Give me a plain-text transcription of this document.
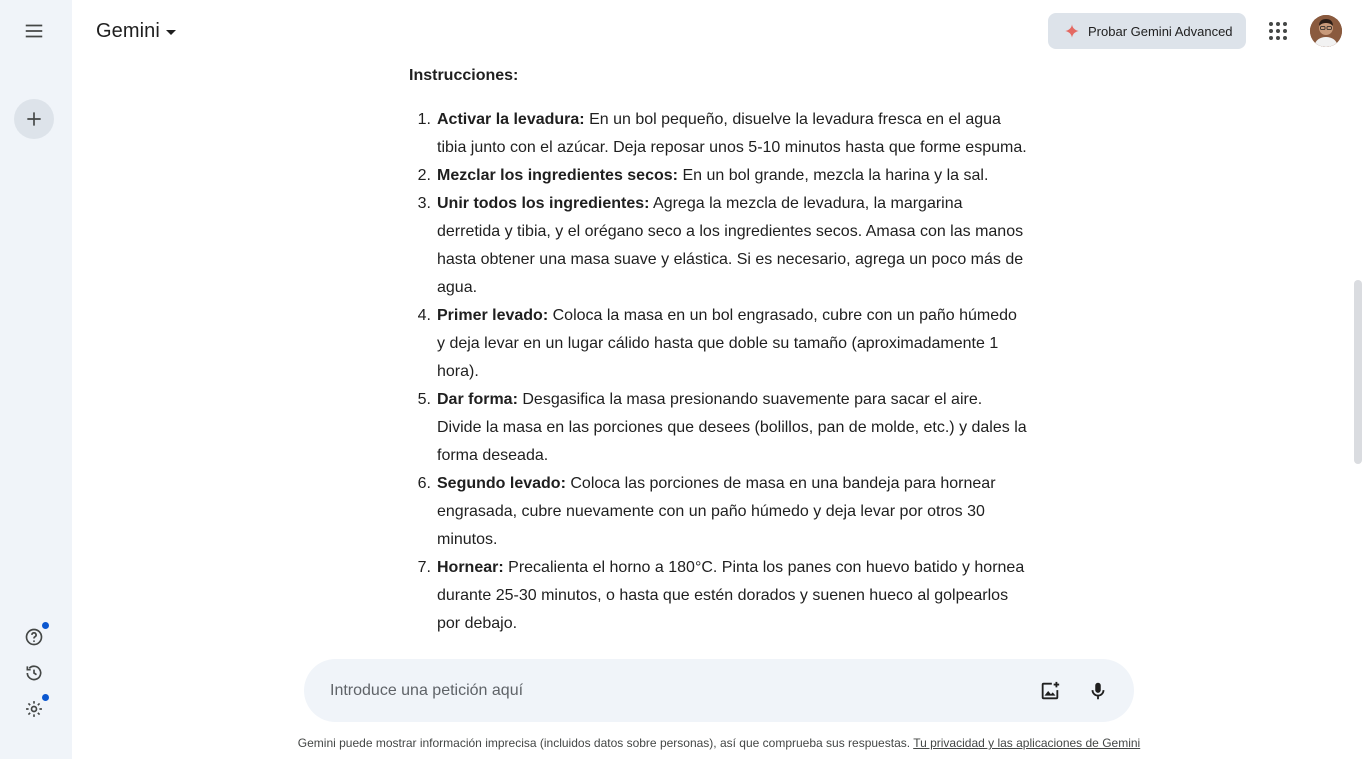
Gemini	Probar Gemini Advanced
Instrucciones:
1. Activar la levadura: En un bol pequeño, disuelve la levadura fresca en el agua tibia junto con el azúcar. Deja reposar unos 5-10 minutos hasta que forme espuma.
2. Mezclar los ingredientes secos: En un bol grande, mezcla la harina y la sal.
3. Unir todos los ingredientes: Agrega la mezcla de levadura, la margarina derretida y tibia, y el orégano seco a los ingredientes secos. Amasa con las manos hasta obtener una masa suave y elástica. Si es necesario, agrega un poco más de agua.
4. Primer levado: Coloca la masa en un bol engrasado, cubre con un paño húmedo y deja levar en un lugar cálido hasta que doble su tamaño (aproximadamente 1 hora).
5. Dar forma: Desgasifica la masa presionando suavemente para sacar el aire. Divide la masa en las porciones que desees (bolillos, pan de molde, etc.) y dales la forma deseada.
6. Segundo levado: Coloca las porciones de masa en una bandeja para hornear engrasada, cubre nuevamente con un paño húmedo y deja levar por otros 30 minutos.
7. Hornear: Precalienta el horno a 180°C. Pinta los panes con huevo batido y hornea durante 25-30 minutos, o hasta que estén dorados y suenen hueco al golpearlos por debajo.
Introduce una petición aquí
Gemini puede mostrar información imprecisa (incluidos datos sobre personas), así que comprueba sus respuestas. Tu privacidad y las aplicaciones de Gemini
